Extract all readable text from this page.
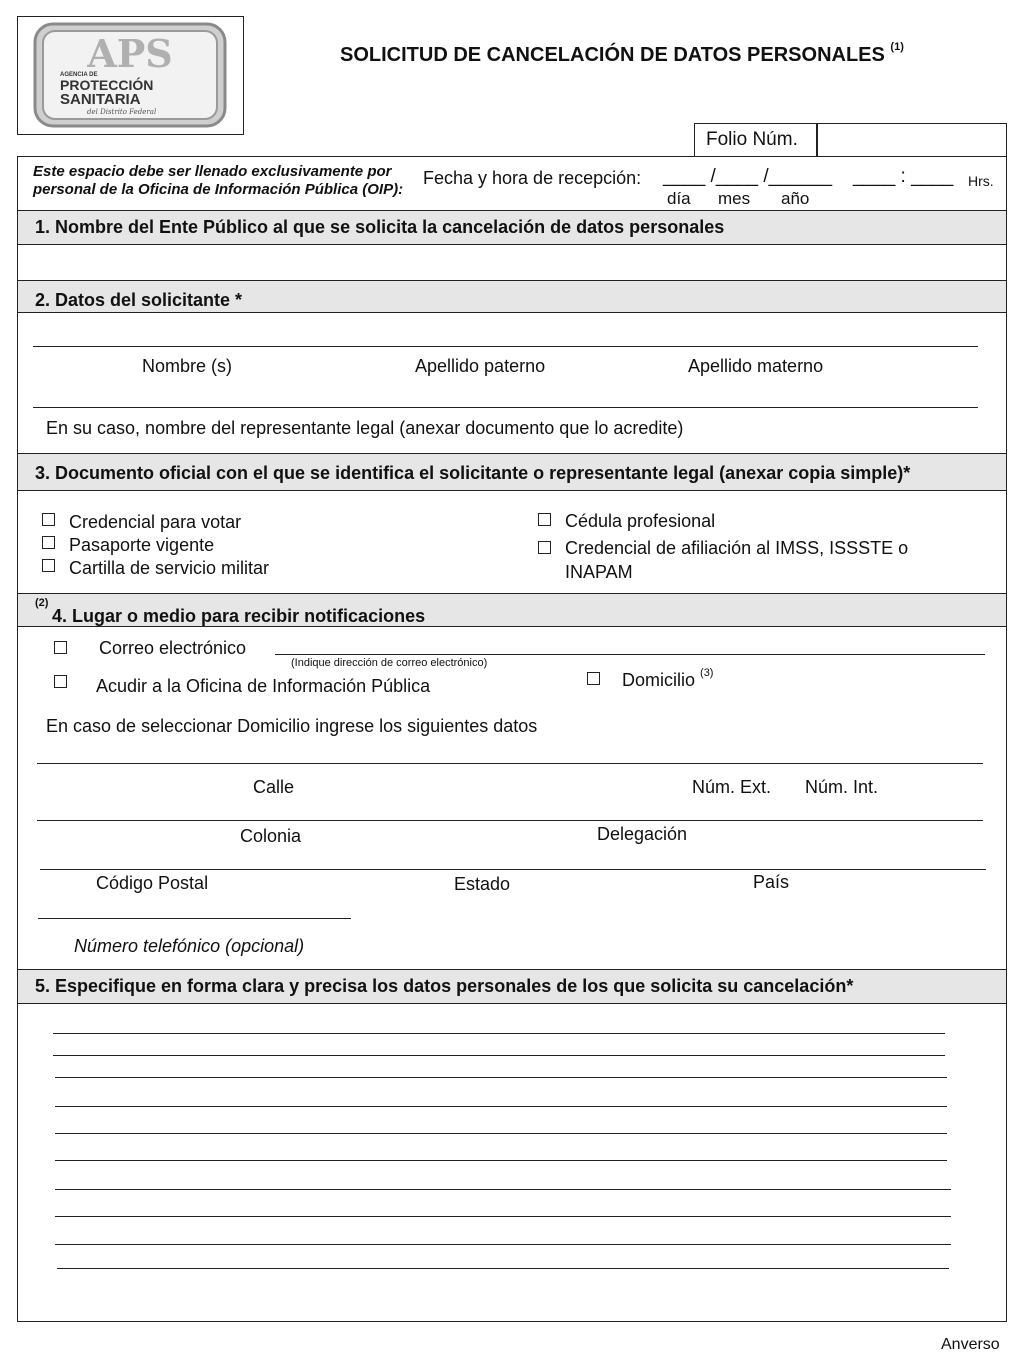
APS
AGENCIA DE
PROTECCIÓN
SANITARIA
del Distrito Federal
SOLICITUD DE CANCELACIÓN DE DATOS PERSONALES $^{(1)}$
Folio Núm.
Este espacio debe ser llenado exclusivamente por
personal de la Oficina de Información Pública (OIP):
Fecha y hora de recepción: ____ /____ /______ ____ : ____ Hrs.
día mes año
1. Nombre del Ente Público al que se solicita la cancelación de datos personales
2. Datos del solicitante *
Nombre (s)	Apellido paterno	Apellido materno
En su caso, nombre del representante legal (anexar documento que lo acredite)
3. Documento oficial con el que se identifica el solicitante o representante legal (anexar copia simple)*
Credencial para votar
Pasaporte vigente
Cartilla de servicio militar
Cédula profesional
Credencial de afiliación al IMSS, ISSSTE o
INAPAM
4. Lugar o medio para recibir notificaciones
$^{(2)}$
Correo electrónico
(Indique dirección de correo electrónico)
Acudir a la Oficina de Información Pública	Domicilio $^{(3)}$
En caso de seleccionar Domicilio ingrese los siguientes datos
Calle	Núm. Ext. Núm. Int.
Colonia	Delegación
Código Postal	Estado	País
Número telefónico (opcional)
5. Especifique en forma clara y precisa los datos personales de los que solicita su cancelación*
Anverso
